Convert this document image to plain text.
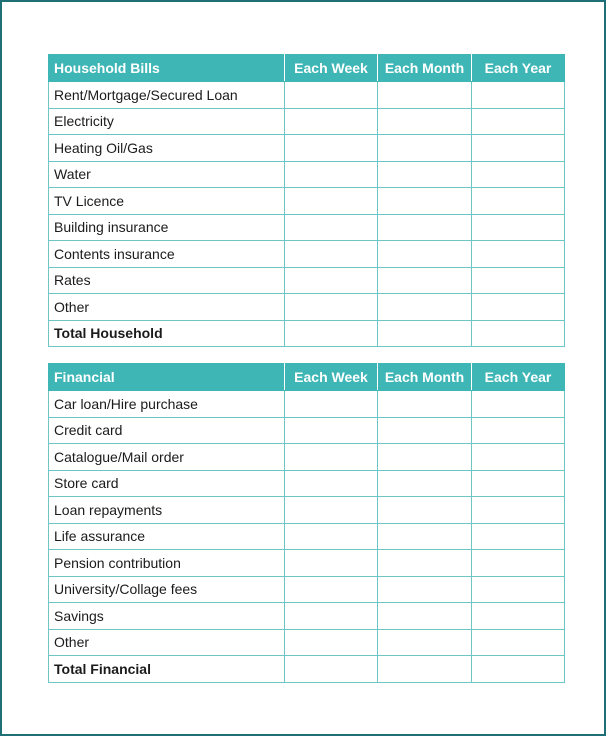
Household Bills	Each Week	Each Month	Each Year
Rent/Mortgage/Secured Loan			
Electricity			
Heating Oil/Gas			
Water			
TV Licence			
Building insurance			
Contents insurance			
Rates			
Other			
Total Household			
Financial	Each Week	Each Month	Each Year
Car loan/Hire purchase			
Credit card			
Catalogue/Mail order			
Store card			
Loan repayments			
Life assurance			
Pension contribution			
University/Collage fees			
Savings			
Other			
Total Financial			
